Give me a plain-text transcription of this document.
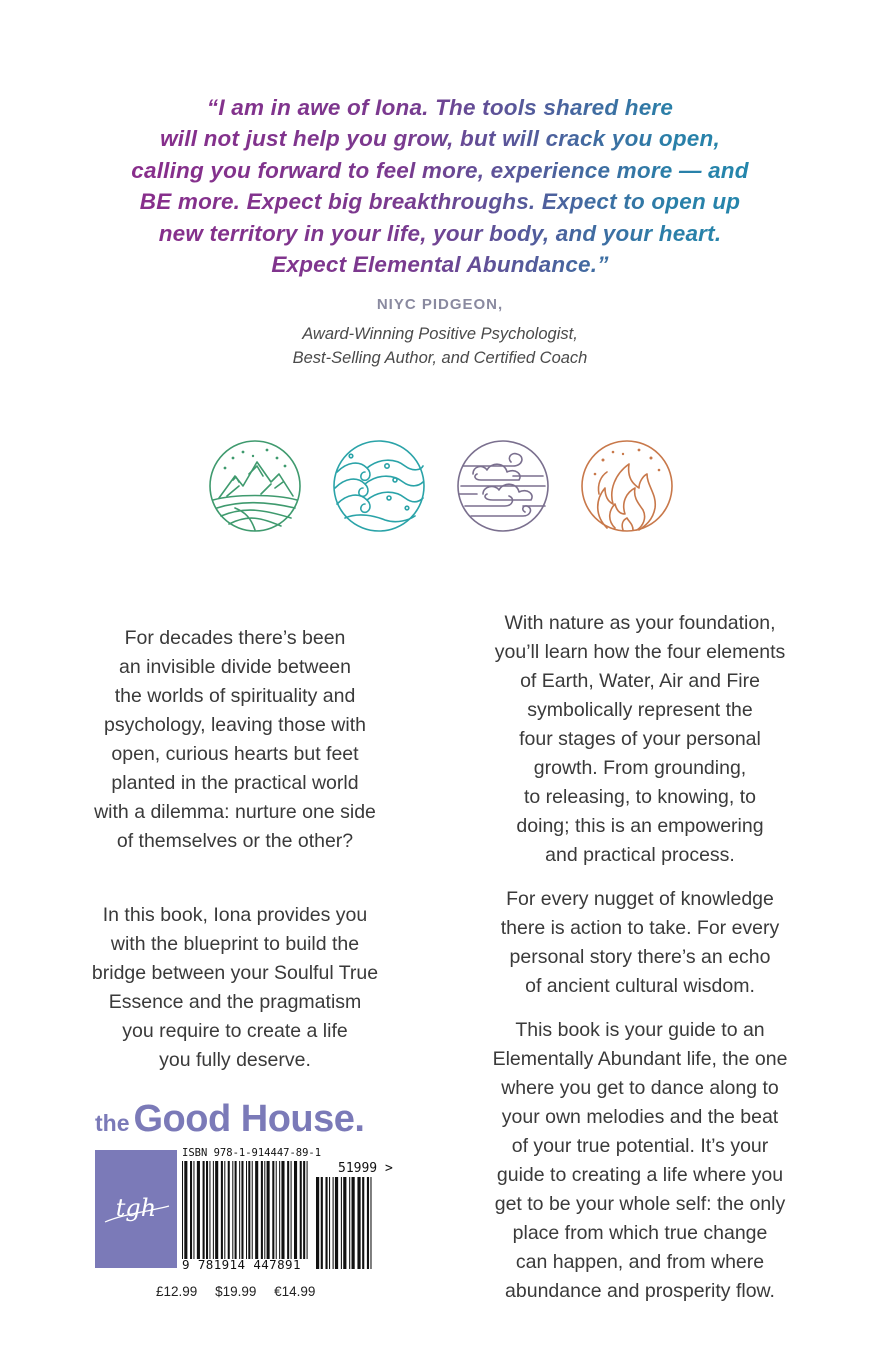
“I am in awe of Iona. The tools shared here
will not just help you grow, but will crack you open,
calling you forward to feel more, experience more — and
BE more. Expect big breakthroughs. Expect to open up
new territory in your life, your body, and your heart.
Expect Elemental Abundance.”
NIYC PIDGEON,
Award-Winning Positive Psychologist,
Best-Selling Author, and Certified Coach

For decades there’s been
an invisible divide between
the worlds of spirituality and
psychology, leaving those with
open, curious hearts but feet
planted in the practical world
with a dilemma: nurture one side
of themselves or the other?

In this book, Iona provides you
with the blueprint to build the
bridge between your Soulful True
Essence and the pragmatism
you require to create a life
you fully deserve.

With nature as your foundation,
you’ll learn how the four elements
of Earth, Water, Air and Fire
symbolically represent the
four stages of your personal
growth. From grounding,
to releasing, to knowing, to
doing; this is an empowering
and practical process.
For every nugget of knowledge
there is action to take. For every
personal story there’s an echo
of ancient cultural wisdom.
This book is your guide to an
Elementally Abundant life, the one
where you get to dance along to
your own melodies and the beat
of your true potential. It’s your
guide to creating a life where you
get to be your whole self: the only
place from which true change
can happen, and from where
abundance and prosperity flow.
the Good House.
tgh
ISBN 978-1-914447-89-1
51999 >
9 781914 447891
£12.99 $19.99 €14.99
